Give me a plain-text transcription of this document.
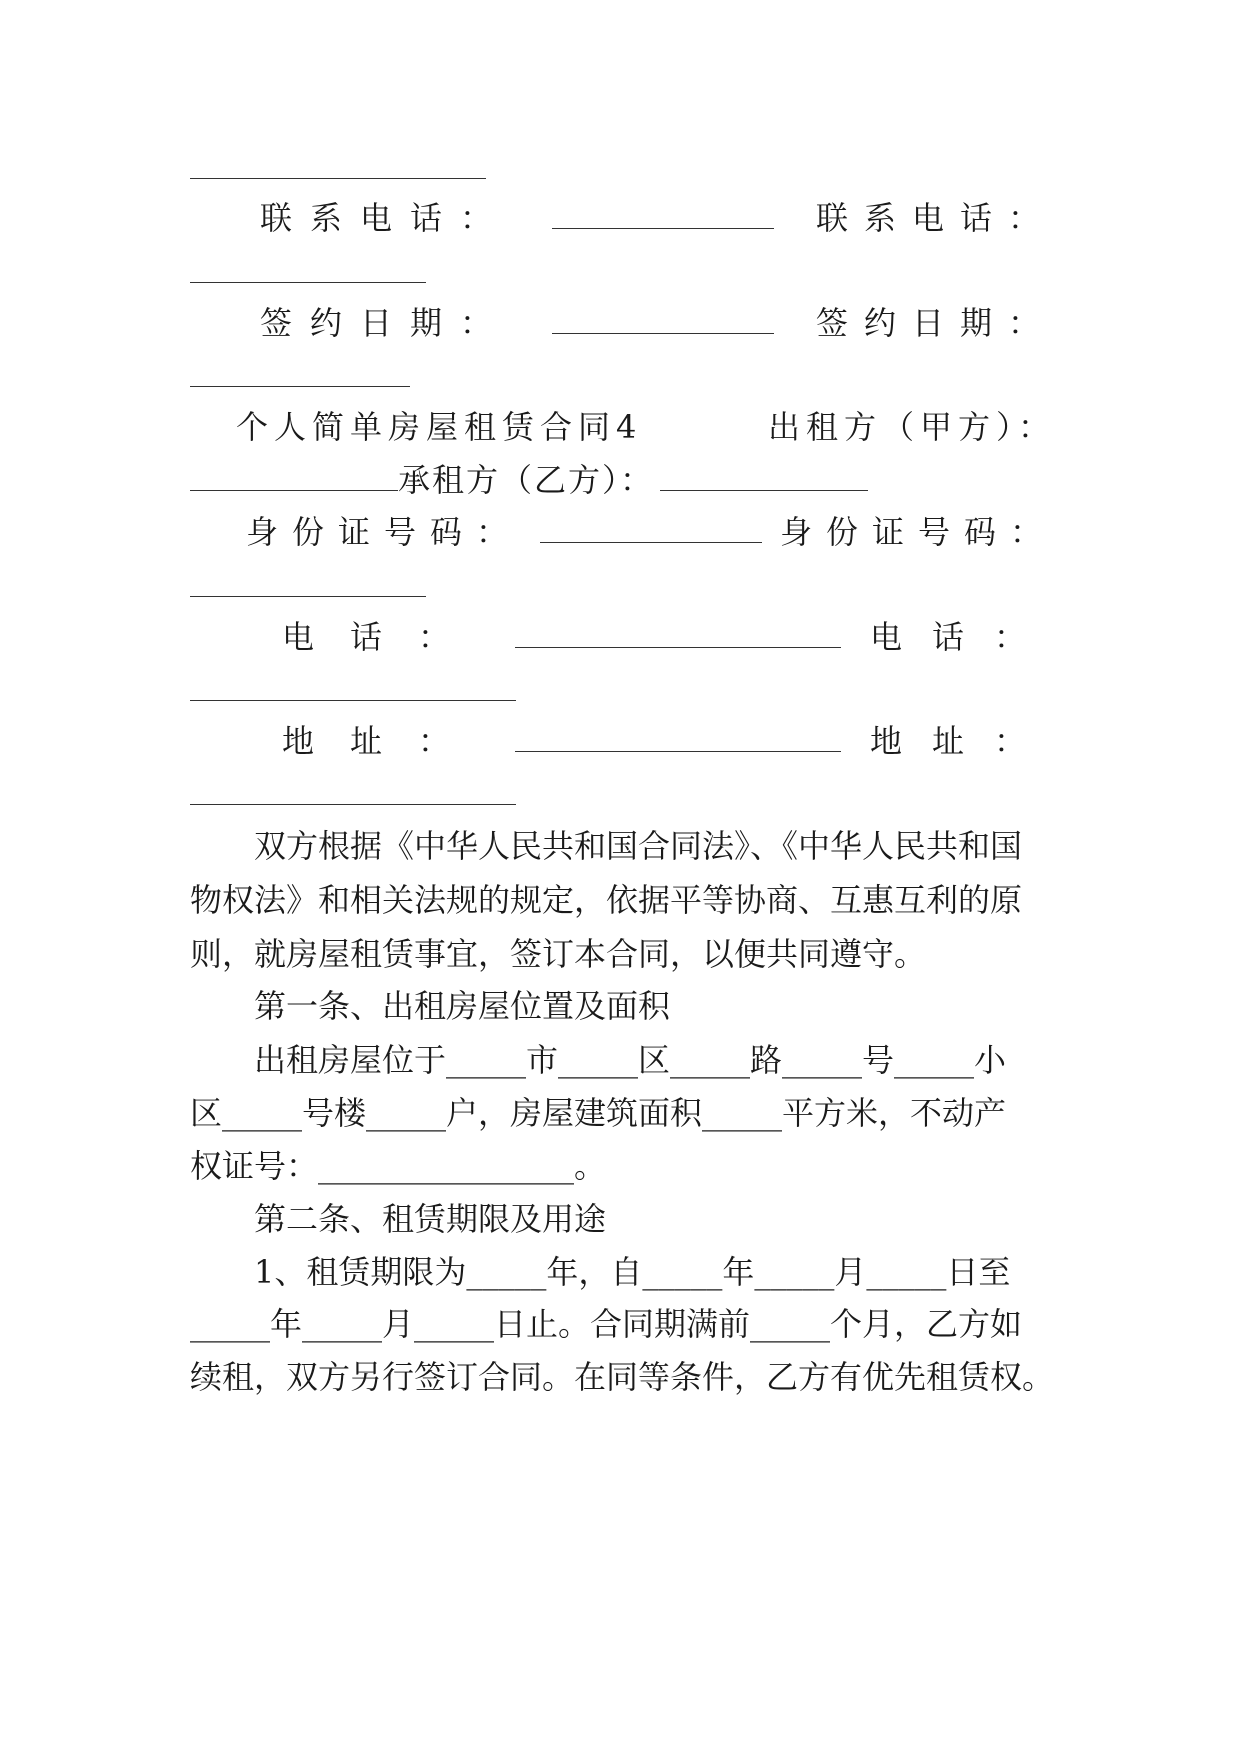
联系电话：	联系电话：
签约日期：	签约日期：
个人简单房屋租赁合同4	出租方（甲方）：
承租方（乙方）：
身份证号码：	身份证号码：
电话：	电话：
地址：	地址：
双方根据《中华人民共和国合同法》、《中华人民共和国
物权法》和相关法规的规定，依据平等协商、互惠互利的原
则，就房屋租赁事宜，签订本合同，以便共同遵守。
第一条、出租房屋位置及面积
出租房屋位于_____市_____区_____路_____号_____小
区_____号楼_____户，房屋建筑面积_____平方米，不动产
权证号：________________。
第二条、租赁期限及用途
1、租赁期限为_____年，自_____年_____月_____日至
_____年_____月_____日止。合同期满前_____个月，乙方如
续租，双方另行签订合同。在同等条件，乙方有优先租赁权。
